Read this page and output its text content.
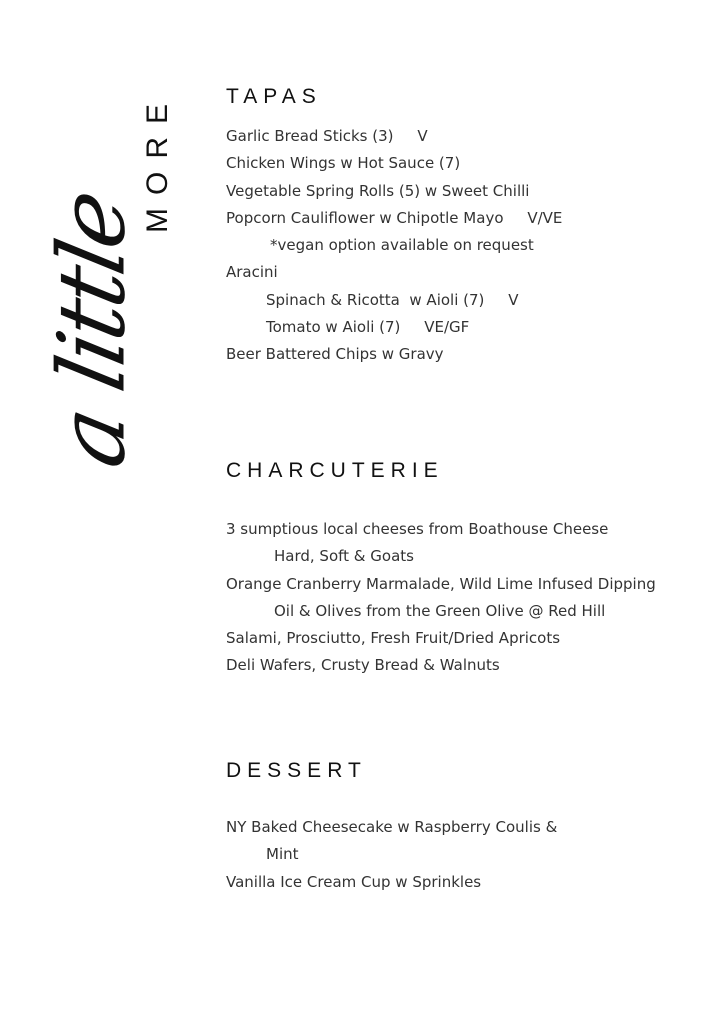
a little
MORE TAPAS
Garlic Bread Sticks (3)     V
Chicken Wings w Hot Sauce (7)
Vegetable Spring Rolls (5) w Sweet Chilli
Popcorn Cauliflower w Chipotle Mayo     V/VE
*vegan option available on request
Aracini
Spinach & Ricotta  w Aioli (7)     V
Tomato w Aioli (7)     VE/GF
Beer Battered Chips w Gravy
CHARCUTERIE
3 sumptious local cheeses from Boathouse Cheese
Hard, Soft & Goats
Orange Cranberry Marmalade, Wild Lime Infused Dipping
Oil & Olives from the Green Olive @ Red Hill
Salami, Prosciutto, Fresh Fruit/Dried Apricots
Deli Wafers, Crusty Bread & Walnuts
DESSERT
NY Baked Cheesecake w Raspberry Coulis &
Mint
Vanilla Ice Cream Cup w Sprinkles
